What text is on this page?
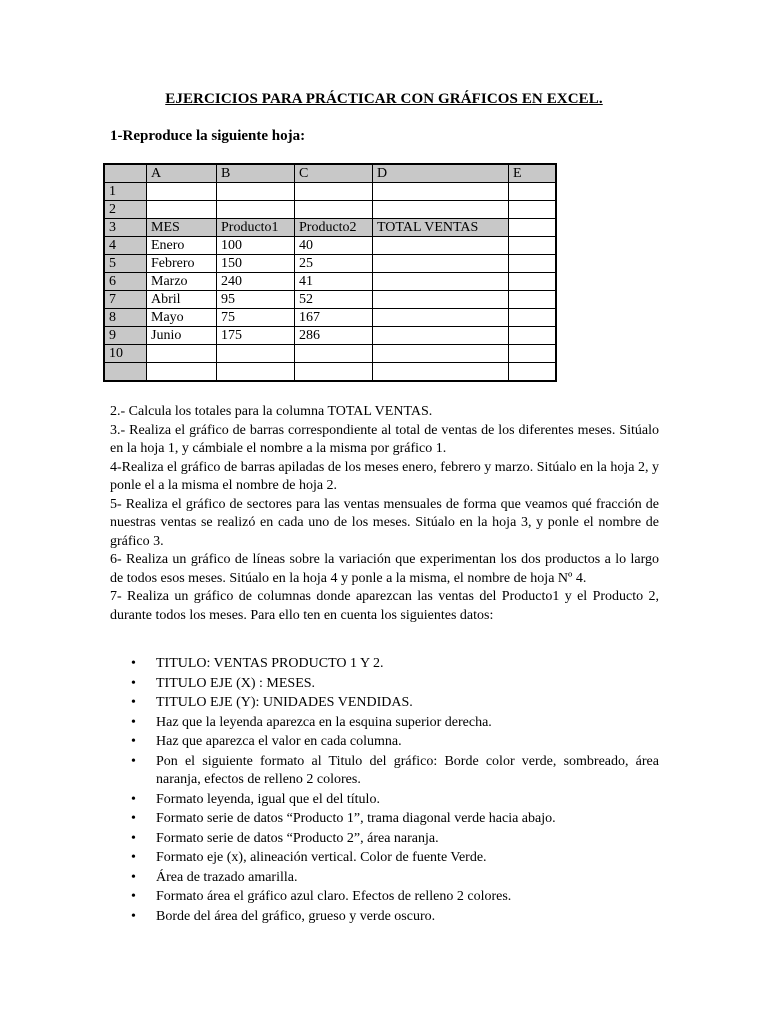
EJERCICIOS PARA PRÁCTICAR CON GRÁFICOS EN EXCEL.
1-Reproduce la siguiente hoja:
	A	B	C	D	E
1					
2					
3	MES	Producto1	Producto2	TOTAL VENTAS	
4	Enero	100	40		
5	Febrero	150	25		
6	Marzo	240	41		
7	Abril	95	52		
8	Mayo	75	167		
9	Junio	175	286		
10					

2.- Calcula los totales para la columna TOTAL VENTAS.

3.- Realiza el gráfico de barras correspondiente al total de ventas de los diferentes meses. Sitúalo en la hoja 1, y cámbiale el nombre a la misma por gráfico 1.

4-Realiza el gráfico de barras apiladas de los meses enero, febrero y marzo. Sitúalo en la hoja 2, y ponle el a la misma el nombre de hoja 2.

5- Realiza el gráfico de sectores para las ventas mensuales de forma que veamos qué fracción de nuestras ventas se realizó en cada uno de los meses. Sitúalo en la hoja 3, y ponle el nombre de gráfico 3.

6- Realiza un gráfico de líneas sobre la variación que experimentan los dos productos a lo largo de todos esos meses. Sitúalo en la hoja 4 y ponle a la misma, el nombre de hoja Nº 4.

7- Realiza un gráfico de columnas donde aparezcan las ventas del Producto1 y el Producto 2, durante todos los meses. Para ello ten en cuenta los siguientes datos:

• TITULO: VENTAS PRODUCTO 1 Y 2.
• TITULO EJE (X) : MESES.
• TITULO EJE (Y): UNIDADES VENDIDAS.
• Haz que la leyenda aparezca en la esquina superior derecha.
• Haz que aparezca el valor en cada columna.
• Pon el siguiente formato al Titulo del gráfico: Borde color verde, sombreado, área naranja, efectos de relleno 2 colores.
• Formato leyenda, igual que el del título.
• Formato serie de datos “Producto 1”, trama diagonal verde hacia abajo.
• Formato serie de datos “Producto 2”, área naranja.
• Formato eje (x), alineación vertical. Color de fuente Verde.
• Área de trazado amarilla.
• Formato área el gráfico azul claro. Efectos de relleno 2 colores.
• Borde del área del gráfico, grueso y verde oscuro.
